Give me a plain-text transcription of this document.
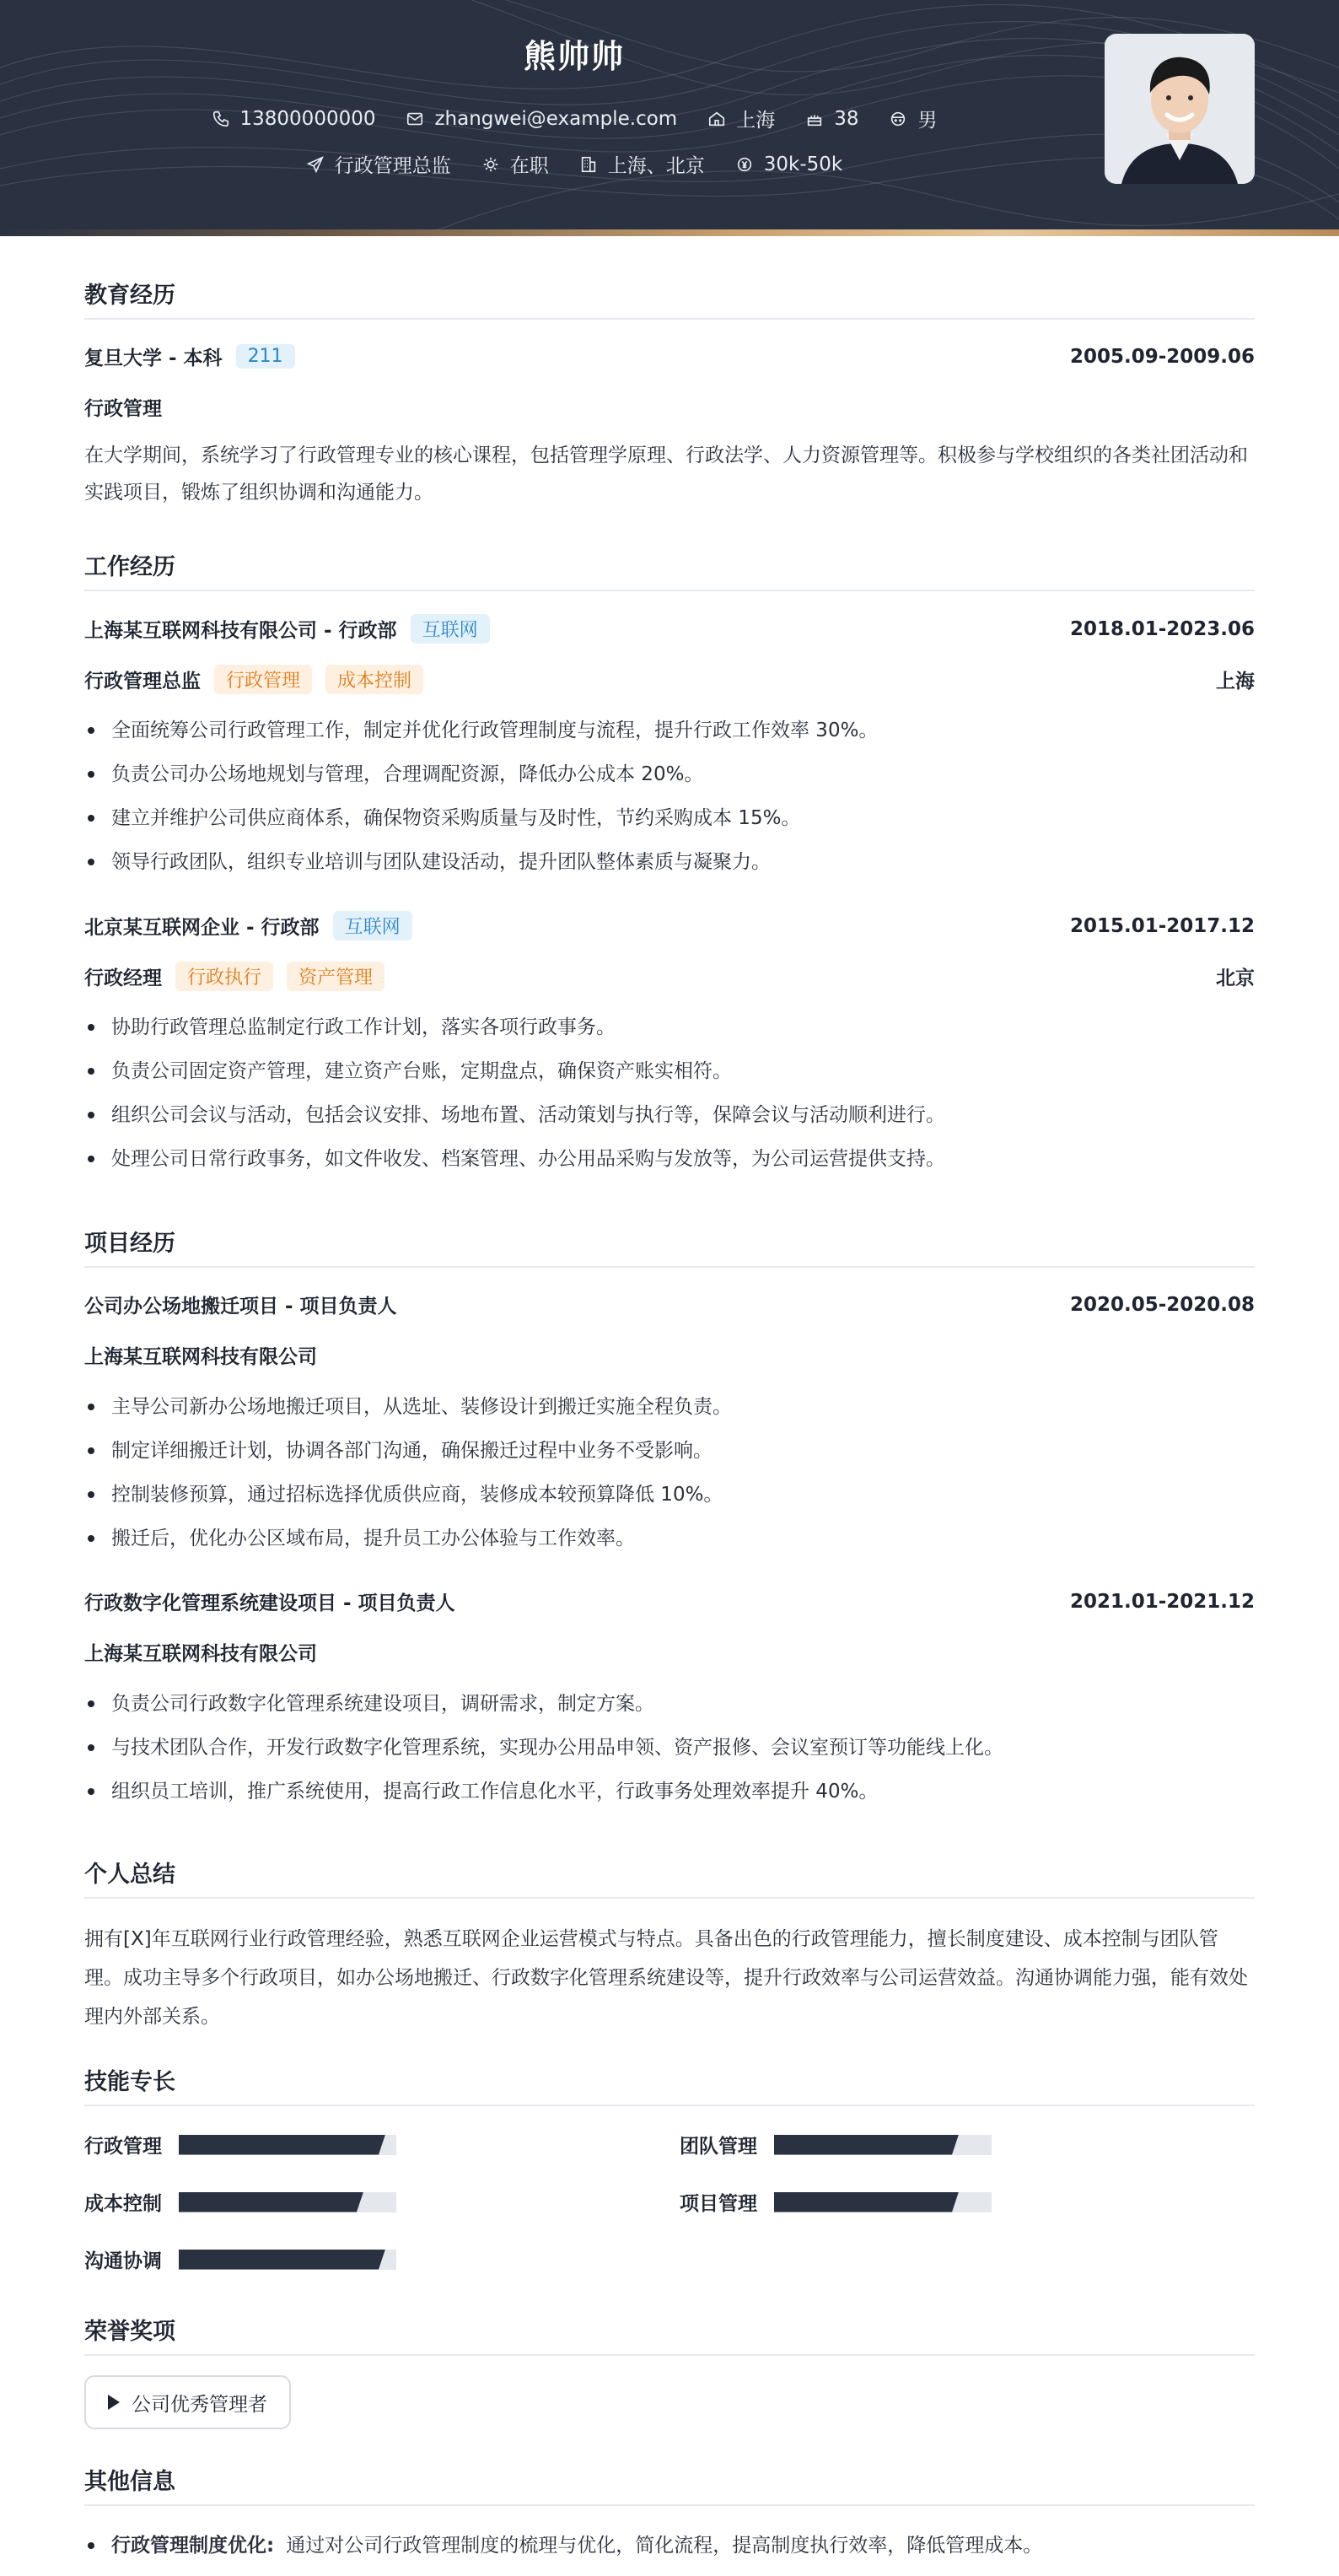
熊帅帅
13800000000	zhangwei@example.com	上海	38	男
行政管理总监	在职	上海、北京	30k-50k
教育经历
复旦大学 - 本科	211	2005.09-2009.06
行政管理
在大学期间，系统学习了行政管理专业的核心课程，包括管理学原理、行政法学、人力资源管理等。积极参与学校组织的各类社团活动和实践项目，锻炼了组织协调和沟通能力。
工作经历
上海某互联网科技有限公司 - 行政部	互联网	2018.01-2023.06
行政管理总监	行政管理	成本控制	上海
全面统筹公司行政管理工作，制定并优化行政管理制度与流程，提升行政工作效率 30%。
负责公司办公场地规划与管理，合理调配资源，降低办公成本 20%。
建立并维护公司供应商体系，确保物资采购质量与及时性，节约采购成本 15%。
领导行政团队，组织专业培训与团队建设活动，提升团队整体素质与凝聚力。
北京某互联网企业 - 行政部	互联网	2015.01-2017.12
行政经理	行政执行	资产管理	北京
协助行政管理总监制定行政工作计划，落实各项行政事务。
负责公司固定资产管理，建立资产台账，定期盘点，确保资产账实相符。
组织公司会议与活动，包括会议安排、场地布置、活动策划与执行等，保障会议与活动顺利进行。
处理公司日常行政事务，如文件收发、档案管理、办公用品采购与发放等，为公司运营提供支持。
项目经历
公司办公场地搬迁项目 - 项目负责人	2020.05-2020.08
上海某互联网科技有限公司
主导公司新办公场地搬迁项目，从选址、装修设计到搬迁实施全程负责。
制定详细搬迁计划，协调各部门沟通，确保搬迁过程中业务不受影响。
控制装修预算，通过招标选择优质供应商，装修成本较预算降低 10%。
搬迁后，优化办公区域布局，提升员工办公体验与工作效率。
行政数字化管理系统建设项目 - 项目负责人	2021.01-2021.12
上海某互联网科技有限公司
负责公司行政数字化管理系统建设项目，调研需求，制定方案。
与技术团队合作，开发行政数字化管理系统，实现办公用品申领、资产报修、会议室预订等功能线上化。
组织员工培训，推广系统使用，提高行政工作信息化水平，行政事务处理效率提升 40%。
个人总结
拥有[X]年互联网行业行政管理经验，熟悉互联网企业运营模式与特点。具备出色的行政管理能力，擅长制度建设、成本控制与团队管理。成功主导多个行政项目，如办公场地搬迁、行政数字化管理系统建设等，提升行政效率与公司运营效益。沟通协调能力强，能有效处理内外部关系。
技能专长
行政管理	团队管理
成本控制	项目管理
沟通协调
荣誉奖项
公司优秀管理者
其他信息
行政管理制度优化: 通过对公司行政管理制度的梳理与优化，简化流程，提高制度执行效率，降低管理成本。
